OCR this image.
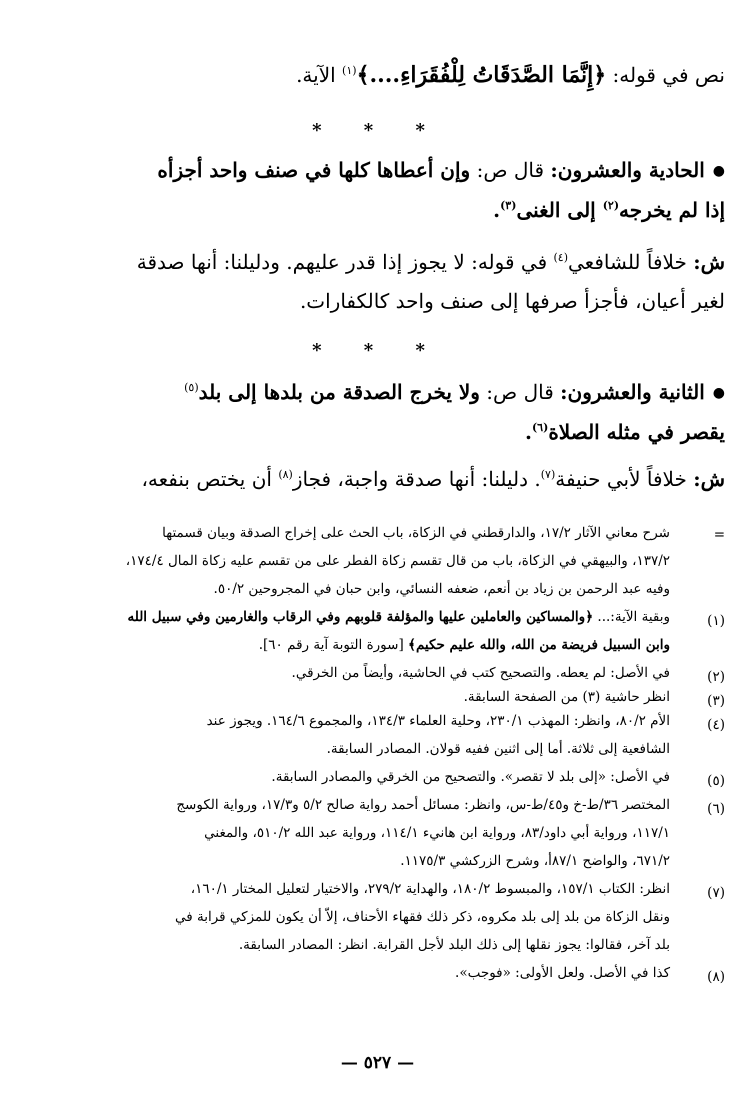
نص في قوله: ﴿إِنَّمَا الصَّدَقَاتُ لِلْفُقَرَاءِ....﴾$^{(١)}$ الآية.
* * *
●الحادية والعشرون: قال ص: وإن أعطاها كلها في صنف واحد أجزأه
إذا لم يخرجه$^{(٢)}$ إلى الغنى$^{(٣)}$.
ش: خلافاً للشافعي$^{(٤)}$ في قوله: لا يجوز إذا قدر عليهم. ودليلنا: أنها صدقة
لغير أعيان، فأجزأ صرفها إلى صنف واحد كالكفارات.
* * *
●الثانية والعشرون: قال ص: ولا يخرج الصدقة من بلدها إلى بلد$^{(٥)}$
يقصر في مثله الصلاة$^{(٦)}$.
ش: خلافاً لأبي حنيفة$^{(٧)}$. دليلنا: أنها صدقة واجبة، فجاز$^{(٨)}$ أن يختص بنفعه،
=
شرح معاني الآثار ١٧/٢، والدارقطني في الزكاة، باب الحث على إخراج الصدقة وبيان قسمتها
١٣٧/٢، والبيهقي في الزكاة، باب من قال تقسم زكاة الفطر على من تقسم عليه زكاة المال ١٧٤/٤،
وفيه عبد الرحمن بن زياد بن أنعم، ضعفه النسائي، وابن حبان في المجروحين ٥٠/٢.
(١)
وبقية الآية:... ﴿والمساكين والعاملين عليها والمؤلفة قلوبهم وفي الرقاب والغارمين وفي سبيل الله
وابن السبيل فريضة من الله، والله عليم حكيم﴾ [سورة التوبة آية رقم ٦٠].
(٢)
في الأصل: لم يعطه. والتصحيح كتب في الحاشية، وأيضاً من الخرقي.
(٣)
انظر حاشية (٣) من الصفحة السابقة.
(٤)
الأم ٨٠/٢، وانظر: المهذب ٢٣٠/١، وحلية العلماء ١٣٤/٣، والمجموع ١٦٤/٦. ويجوز عند
الشافعية إلى ثلاثة. أما إلى اثنين ففيه قولان. المصادر السابقة.
(٥)
في الأصل: «إلى بلد لا تقصر». والتصحيح من الخرقي والمصادر السابقة.
(٦)
المختصر ٣٦/ط-خ و٤٥/ط-س، وانظر: مسائل أحمد رواية صالح ٥/٢ و١٧/٣، ورواية الكوسج
١١٧/١، ورواية أبي داود/٨٣، ورواية ابن هانيء ١١٤/١، ورواية عبد الله ٥١٠/٢، والمغني
٦٧١/٢، والواضح ٨٧/١أ، وشرح الزركشي ١١٧٥/٣.
(٧)
انظر: الكتاب ١٥٧/١، والمبسوط ١٨٠/٢، والهداية ٢٧٩/٢، والاختيار لتعليل المختار ١٦٠/١،
ونقل الزكاة من بلد إلى بلد مكروه، ذكر ذلك فقهاء الأحناف، إلاّ أن يكون للمزكي قرابة في
بلد آخر، فقالوا: يجوز نقلها إلى ذلك البلد لأجل القرابة. انظر: المصادر السابقة.
(٨)
كذا في الأصل. ولعل الأولى: «فوجب».
— ٥٢٧ —
